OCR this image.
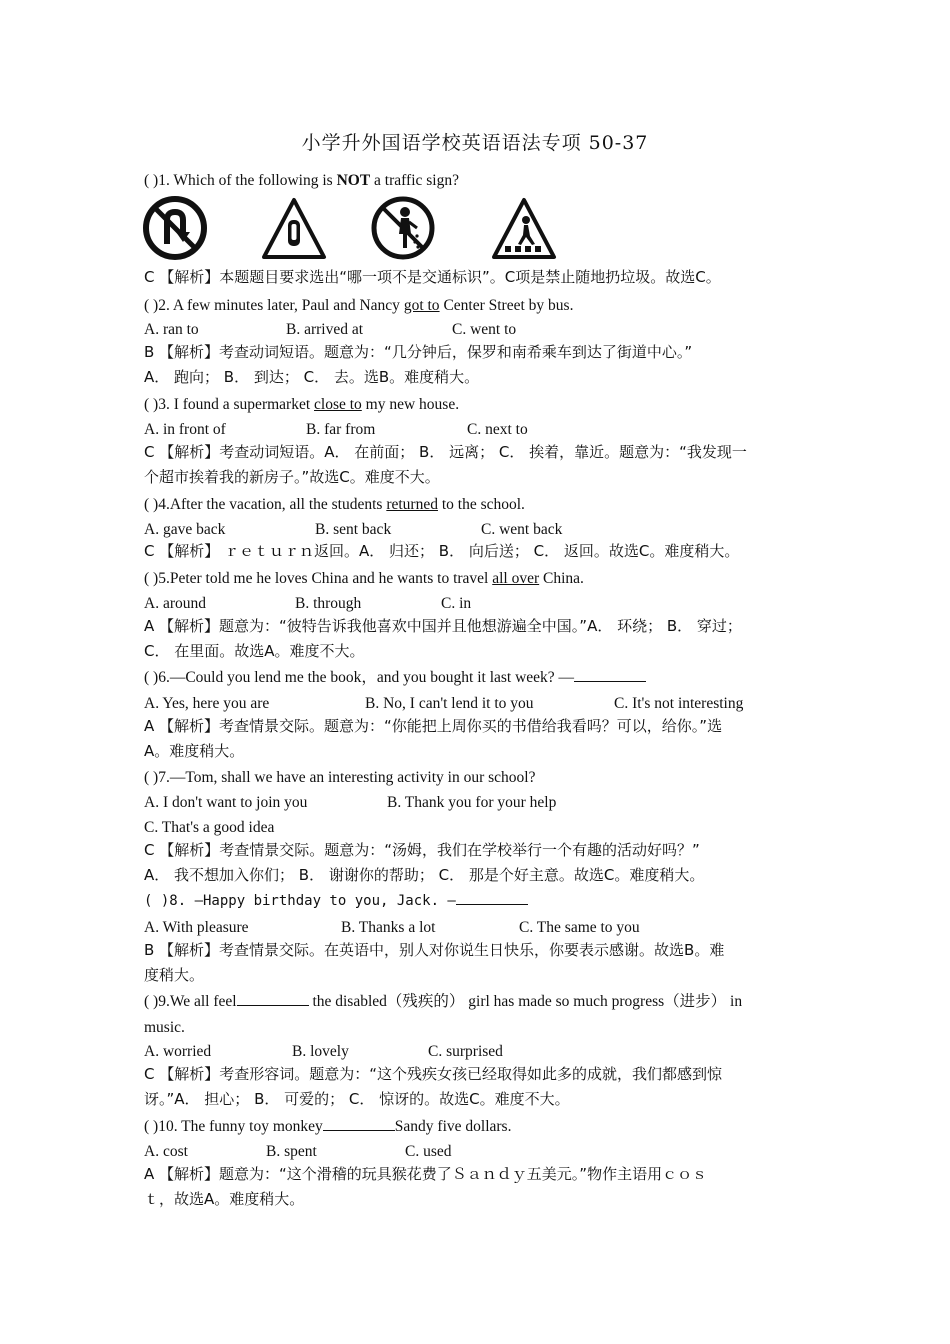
小学升外国语学校英语语法专项 50-37
( )1. Which of the following is NOT a traffic sign?
C 【解析】本题题目要求选出“哪一项不是交通标识”。C项是禁止随地扔垃圾。故选C。
( )2. A few minutes later, Paul and Nancy got to Center Street by bus.
A. ran to	B. arrived at	C. went to
B 【解析】考查动词短语。题意为：“几分钟后，保罗和南希乘车到达了街道中心。”
A． 跑向； B． 到达； C． 去。选B。难度稍大。
( )3. I found a supermarket close to my new house.
A. in front of	B. far from	C. next to
C 【解析】考查动词短语。A． 在前面； B． 远离； C． 挨着，靠近。题意为：“我发现一
个超市挨着我的新房子。”故选C。难度不大。
( )4.After the vacation, all the students returned to the school.
A. gave back	B. sent back	C. went back
C 【解析】 ｒｅｔｕｒｎ返回。A． 归还； B． 向后送； C． 返回。故选C。难度稍大。
( )5.Peter told me he loves China and he wants to travel all over China.
A. around	B. through	C. in
A 【解析】题意为：“彼特告诉我他喜欢中国并且他想游遍全中国。”A． 环绕； B． 穿过；
C． 在里面。故选A。难度不大。
( )6.—Could you lend me the book，and you bought it last week? —
A. Yes, here you are	B. No, I can't lend it to you	C. It's not interesting
A 【解析】考查情景交际。题意为：“你能把上周你买的书借给我看吗？可以，给你。”选
A。难度稍大。
( )7.—Tom, shall we have an interesting activity in our school?
A. I don't want to join you	B. Thank you for your help
C. That's a good idea
C 【解析】考查情景交际。题意为：“汤姆，我们在学校举行一个有趣的活动好吗？”
A． 我不想加入你们； B． 谢谢你的帮助； C． 那是个好主意。故选C。难度稍大。
( )8. —Happy birthday to you, Jack. —
A. With pleasure	B. Thanks a lot	C. The same to you
B 【解析】考查情景交际。在英语中，别人对你说生日快乐，你要表示感谢。故选B。难
度稍大。
( )9.We all feel	the disabled（残疾的） girl has made so much progress（进步） in
music.
A. worried	B. lovely	C. surprised
C 【解析】考查形容词。题意为：“这个残疾女孩已经取得如此多的成就，我们都感到惊
讶。”A． 担心； B． 可爱的； C． 惊讶的。故选C。难度不大。
( )10. The funny toy monkey	Sandy five dollars.
A. cost	B. spent	C. used
A 【解析】题意为：“这个滑稽的玩具猴花费了Ｓａｎｄｙ五美元。”物作主语用ｃｏｓ
ｔ，故选A。难度稍大。
